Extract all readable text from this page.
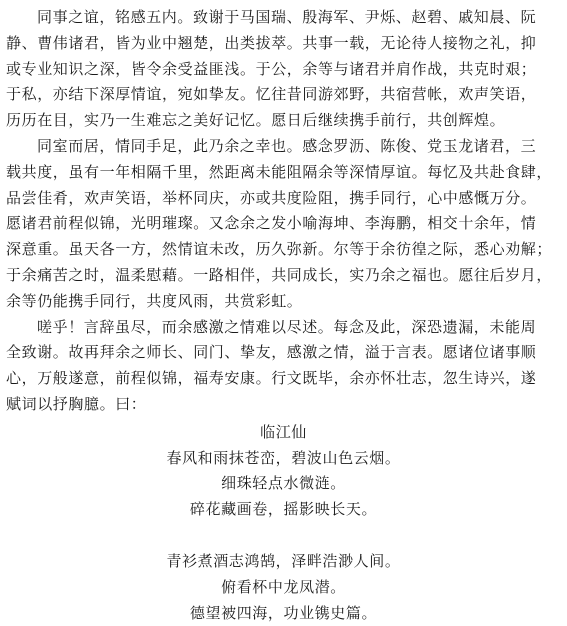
同事之谊，铭感五内。致谢于马国瑞、殷海军、尹烁、赵碧、戚知晨、阮
静、曹伟诸君，皆为业中翘楚，出类拔萃。共事一载，无论待人接物之礼，抑
或专业知识之深，皆令余受益匪浅。于公，余等与诸君并肩作战，共克时艰；
于私，亦结下深厚情谊，宛如挚友。忆往昔同游郊野，共宿营帐，欢声笑语，
历历在目，实乃一生难忘之美好记忆。愿日后继续携手前行，共创辉煌。

同室而居，情同手足，此乃余之幸也。感念罗沥、陈俊、党玉龙诸君，三
载共度，虽有一年相隔千里，然距离未能阻隔余等深情厚谊。每忆及共赴食肆，
品尝佳肴，欢声笑语，举杯同庆，亦或共度险阻，携手同行，心中感慨万分。
愿诸君前程似锦，光明璀璨。又念余之发小喻海坤、李海鹏，相交十余年，情
深意重。虽天各一方，然情谊未改，历久弥新。尔等于余彷徨之际，悉心劝解；
于余痛苦之时，温柔慰藉。一路相伴，共同成长，实乃余之福也。愿往后岁月，
余等仍能携手同行，共度风雨，共赏彩虹。

嗟乎！言辞虽尽，而余感激之情难以尽述。每念及此，深恐遗漏，未能周
全致谢。故再拜余之师长、同门、挚友，感激之情，溢于言表。愿诸位诸事顺
心，万般遂意，前程似锦，福寿安康。行文既毕，余亦怀壮志，忽生诗兴，遂
赋词以抒胸臆。曰：

临江仙
春风和雨抹苍峦，碧波山色云烟。
细珠轻点水微涟。
碎花藏画卷，摇影映长天。
青衫煮酒志鸿鹄，泽畔浩渺人间。
俯看杯中龙凤潜。
德望被四海，功业镌史篇。
